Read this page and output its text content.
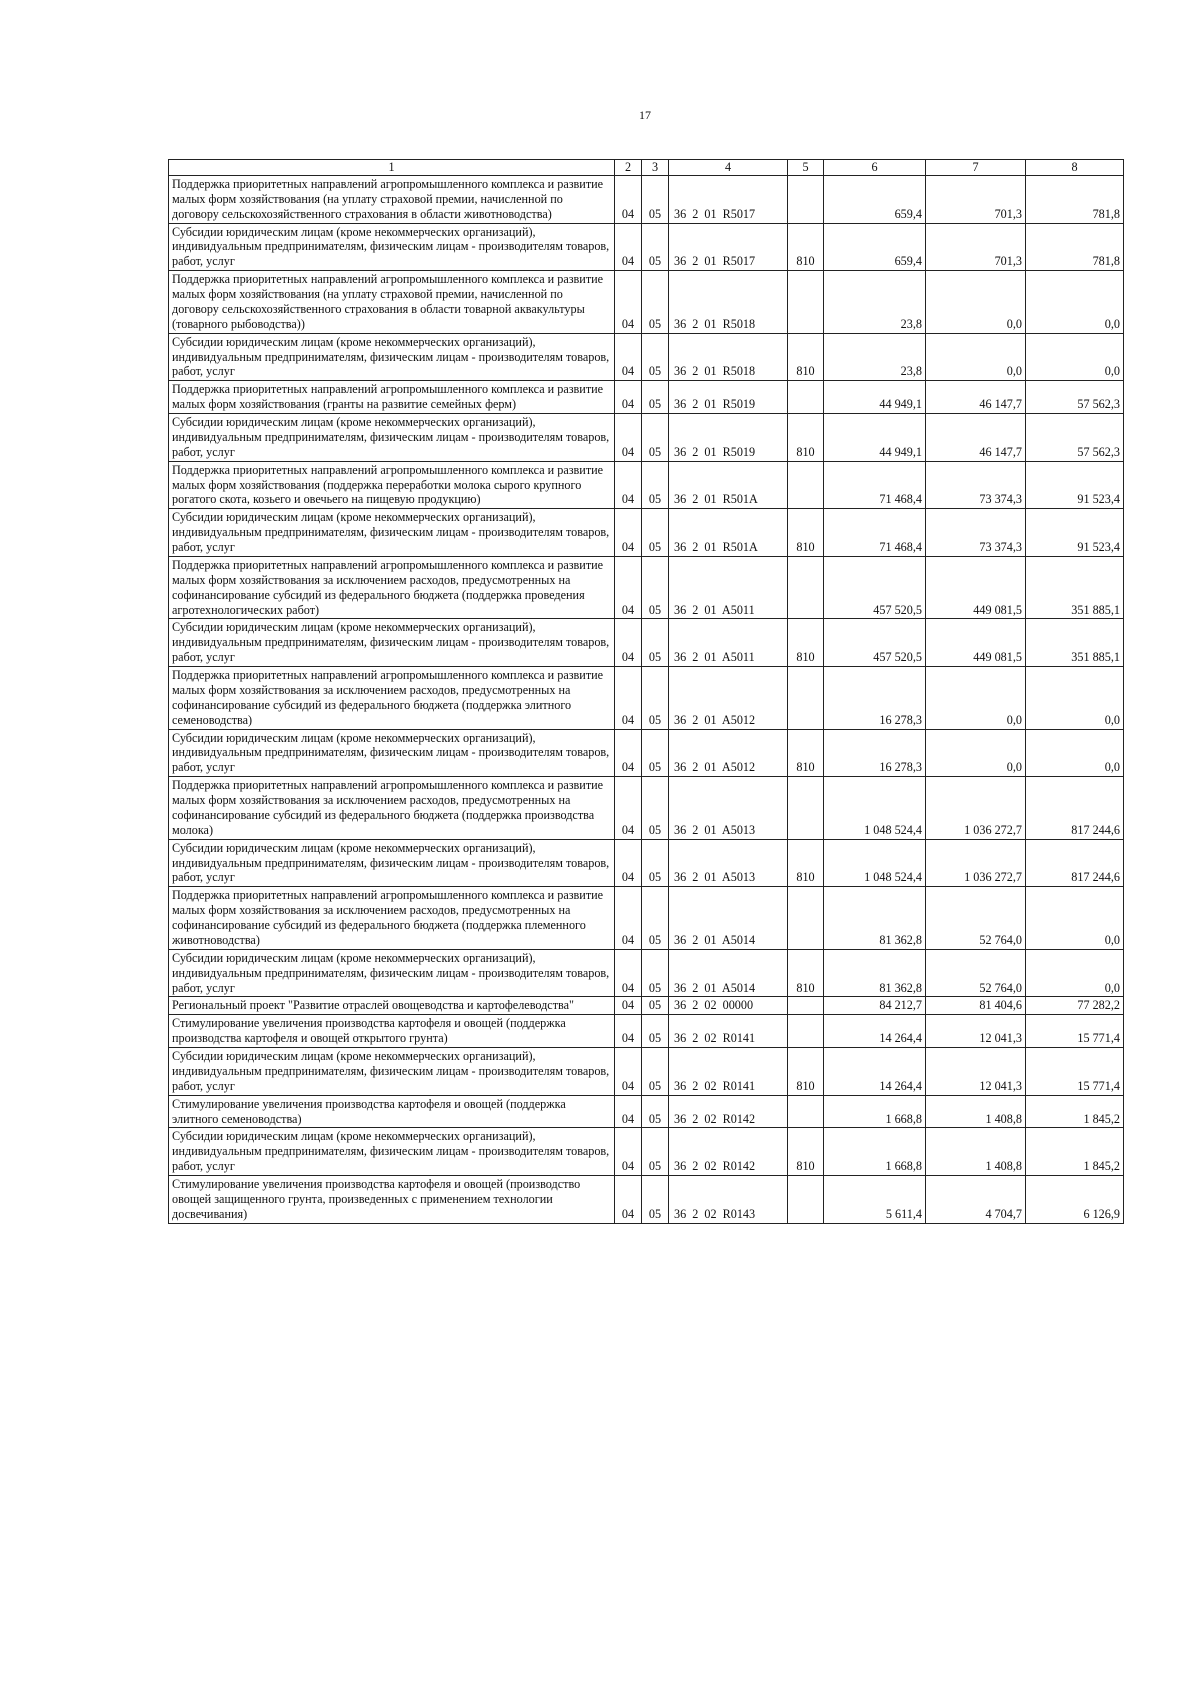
17
1	2	3	4	5	6	7	8
Поддержка приоритетных направлений агропромышленного комплекса и развитие малых форм хозяйствования (на уплату страховой премии, начисленной по договору сельскохозяйственного страхования в области животноводства)	04	05	36 2 01 R5017		659,4	701,3	781,8
Субсидии юридическим лицам (кроме некоммерческих организаций), индивидуальным предпринимателям, физическим лицам - производителям товаров, работ, услуг	04	05	36 2 01 R5017	810	659,4	701,3	781,8
Поддержка приоритетных направлений агропромышленного комплекса и развитие малых форм хозяйствования (на уплату страховой премии, начисленной по договору сельскохозяйственного страхования в области товарной аквакультуры (товарного рыбоводства))	04	05	36 2 01 R5018		23,8	0,0	0,0
Субсидии юридическим лицам (кроме некоммерческих организаций), индивидуальным предпринимателям, физическим лицам - производителям товаров, работ, услуг	04	05	36 2 01 R5018	810	23,8	0,0	0,0
Поддержка приоритетных направлений агропромышленного комплекса и развитие малых форм хозяйствования (гранты на развитие семейных ферм)	04	05	36 2 01 R5019		44 949,1	46 147,7	57 562,3
Субсидии юридическим лицам (кроме некоммерческих организаций), индивидуальным предпринимателям, физическим лицам - производителям товаров, работ, услуг	04	05	36 2 01 R5019	810	44 949,1	46 147,7	57 562,3
Поддержка приоритетных направлений агропромышленного комплекса и развитие малых форм хозяйствования (поддержка переработки молока сырого крупного рогатого скота, козьего и овечьего на пищевую продукцию)	04	05	36 2 01 R501A		71 468,4	73 374,3	91 523,4
Субсидии юридическим лицам (кроме некоммерческих организаций), индивидуальным предпринимателям, физическим лицам - производителям товаров, работ, услуг	04	05	36 2 01 R501A	810	71 468,4	73 374,3	91 523,4
Поддержка приоритетных направлений агропромышленного комплекса и развитие малых форм хозяйствования за исключением расходов, предусмотренных на софинансирование субсидий из федерального бюджета (поддержка проведения агротехнологических работ)	04	05	36 2 01 A5011		457 520,5	449 081,5	351 885,1
Субсидии юридическим лицам (кроме некоммерческих организаций), индивидуальным предпринимателям, физическим лицам - производителям товаров, работ, услуг	04	05	36 2 01 A5011	810	457 520,5	449 081,5	351 885,1
Поддержка приоритетных направлений агропромышленного комплекса и развитие малых форм хозяйствования за исключением расходов, предусмотренных на софинансирование субсидий из федерального бюджета (поддержка элитного семеноводства)	04	05	36 2 01 A5012		16 278,3	0,0	0,0
Субсидии юридическим лицам (кроме некоммерческих организаций), индивидуальным предпринимателям, физическим лицам - производителям товаров, работ, услуг	04	05	36 2 01 A5012	810	16 278,3	0,0	0,0
Поддержка приоритетных направлений агропромышленного комплекса и развитие малых форм хозяйствования за исключением расходов, предусмотренных на софинансирование субсидий из федерального бюджета (поддержка производства молока)	04	05	36 2 01 A5013		1 048 524,4	1 036 272,7	817 244,6
Субсидии юридическим лицам (кроме некоммерческих организаций), индивидуальным предпринимателям, физическим лицам - производителям товаров, работ, услуг	04	05	36 2 01 A5013	810	1 048 524,4	1 036 272,7	817 244,6
Поддержка приоритетных направлений агропромышленного комплекса и развитие малых форм хозяйствования за исключением расходов, предусмотренных на софинансирование субсидий из федерального бюджета (поддержка племенного животноводства)	04	05	36 2 01 A5014		81 362,8	52 764,0	0,0
Субсидии юридическим лицам (кроме некоммерческих организаций), индивидуальным предпринимателям, физическим лицам - производителям товаров, работ, услуг	04	05	36 2 01 A5014	810	81 362,8	52 764,0	0,0
Региональный проект "Развитие отраслей овощеводства и картофелеводства"	04	05	36 2 02 00000		84 212,7	81 404,6	77 282,2
Стимулирование увеличения производства картофеля и овощей (поддержка производства картофеля и овощей открытого грунта)	04	05	36 2 02 R0141		14 264,4	12 041,3	15 771,4
Субсидии юридическим лицам (кроме некоммерческих организаций), индивидуальным предпринимателям, физическим лицам - производителям товаров, работ, услуг	04	05	36 2 02 R0141	810	14 264,4	12 041,3	15 771,4
Стимулирование увеличения производства картофеля и овощей (поддержка элитного семеноводства)	04	05	36 2 02 R0142		1 668,8	1 408,8	1 845,2
Субсидии юридическим лицам (кроме некоммерческих организаций), индивидуальным предпринимателям, физическим лицам - производителям товаров, работ, услуг	04	05	36 2 02 R0142	810	1 668,8	1 408,8	1 845,2
Стимулирование увеличения производства картофеля и овощей (производство овощей защищенного грунта, произведенных с применением технологии досвечивания)	04	05	36 2 02 R0143		5 611,4	4 704,7	6 126,9
